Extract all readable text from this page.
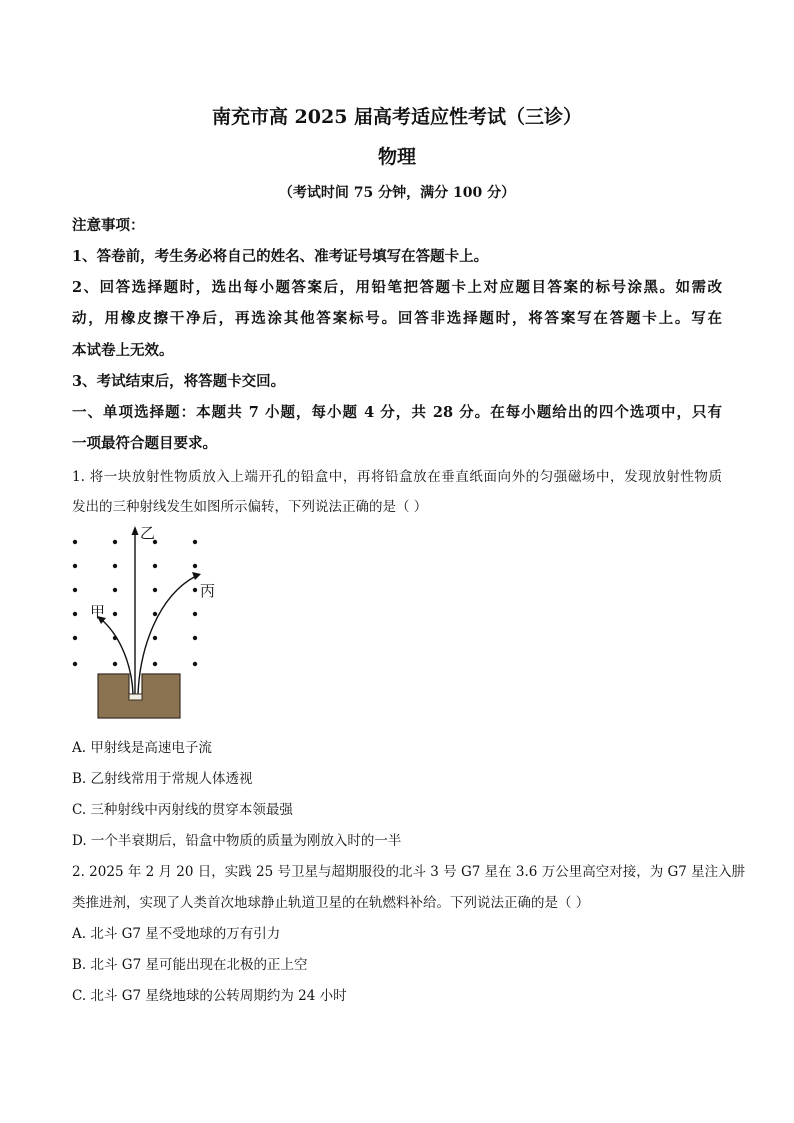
南充市高 2025 届高考适应性考试（三诊）
物理
（考试时间 75 分钟，满分 100 分）
注意事项：
1、答卷前，考生务必将自己的姓名、准考证号填写在答题卡上。
2、回答选择题时，选出每小题答案后，用铅笔把答题卡上对应题目答案的标号涂黑。如需改
动，用橡皮擦干净后，再选涂其他答案标号。回答非选择题时，将答案写在答题卡上。写在
本试卷上无效。
3、考试结束后，将答题卡交回。
一、单项选择题：本题共 7 小题，每小题 4 分，共 28 分。在每小题给出的四个选项中，只有
一项最符合题目要求。
1. 将一块放射性物质放入上端开孔的铅盒中，再将铅盒放在垂直纸面向外的匀强磁场中，发现放射性物质
发出的三种射线发生如图所示偏转，下列说法正确的是（ ）
甲
乙
丙
A. 甲射线是高速电子流
B. 乙射线常用于常规人体透视
C. 三种射线中丙射线的贯穿本领最强
D. 一个半衰期后，铅盒中物质的质量为刚放入时的一半
2. 2025 年 2 月 20 日，实践 25 号卫星与超期服役的北斗 3 号 G7 星在 3.6 万公里高空对接，为 G7 星注入肼
类推进剂，实现了人类首次地球静止轨道卫星的在轨燃料补给。下列说法正确的是（ ）
A. 北斗 G7 星不受地球的万有引力
B. 北斗 G7 星可能出现在北极的正上空
C. 北斗 G7 星绕地球的公转周期约为 24 小时
